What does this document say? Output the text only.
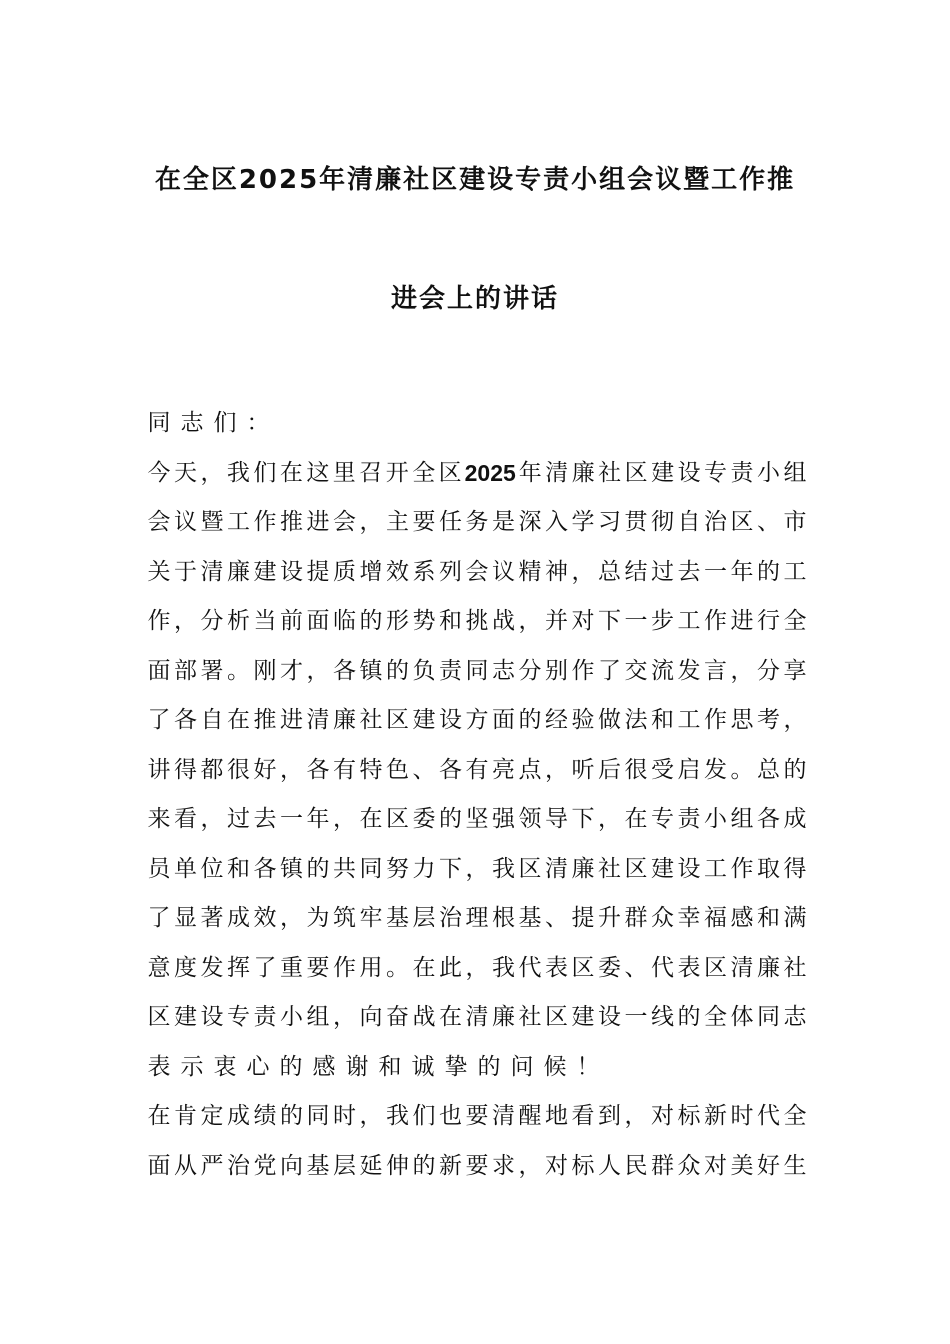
在全区2025年清廉社区建设专责小组会议暨工作推
进会上的讲话
同 志 们 ：
今 天 ， 我 们 在 这 里 召 开 全 区 2025 年 清 廉 社 区 建 设 专 责 小 组
会 议 暨 工 作 推 进 会 ， 主 要 任 务 是 深 入 学 习 贯 彻 自 治 区 、 市
关 于 清 廉 建 设 提 质 增 效 系 列 会 议 精 神 ， 总 结 过 去 一 年 的 工
作 ， 分 析 当 前 面 临 的 形 势 和 挑 战 ， 并 对 下 一 步 工 作 进 行 全
面 部 署 。 刚 才 ， 各 镇 的 负 责 同 志 分 别 作 了 交 流 发 言 ， 分 享
了 各 自 在 推 进 清 廉 社 区 建 设 方 面 的 经 验 做 法 和 工 作 思 考 ，
讲 得 都 很 好 ， 各 有 特 色 、 各 有 亮 点 ， 听 后 很 受 启 发 。 总 的
来 看 ， 过 去 一 年 ， 在 区 委 的 坚 强 领 导 下 ， 在 专 责 小 组 各 成
员 单 位 和 各 镇 的 共 同 努 力 下 ， 我 区 清 廉 社 区 建 设 工 作 取 得
了 显 著 成 效 ， 为 筑 牢 基 层 治 理 根 基 、 提 升 群 众 幸 福 感 和 满
意 度 发 挥 了 重 要 作 用 。 在 此 ， 我 代 表 区 委 、 代 表 区 清 廉 社
区 建 设 专 责 小 组 ， 向 奋 战 在 清 廉 社 区 建 设 一 线 的 全 体 同 志
表 示 衷 心 的 感 谢 和 诚 挚 的 问 候 ！
在 肯 定 成 绩 的 同 时 ， 我 们 也 要 清 醒 地 看 到 ， 对 标 新 时 代 全
面 从 严 治 党 向 基 层 延 伸 的 新 要 求 ， 对 标 人 民 群 众 对 美 好 生
